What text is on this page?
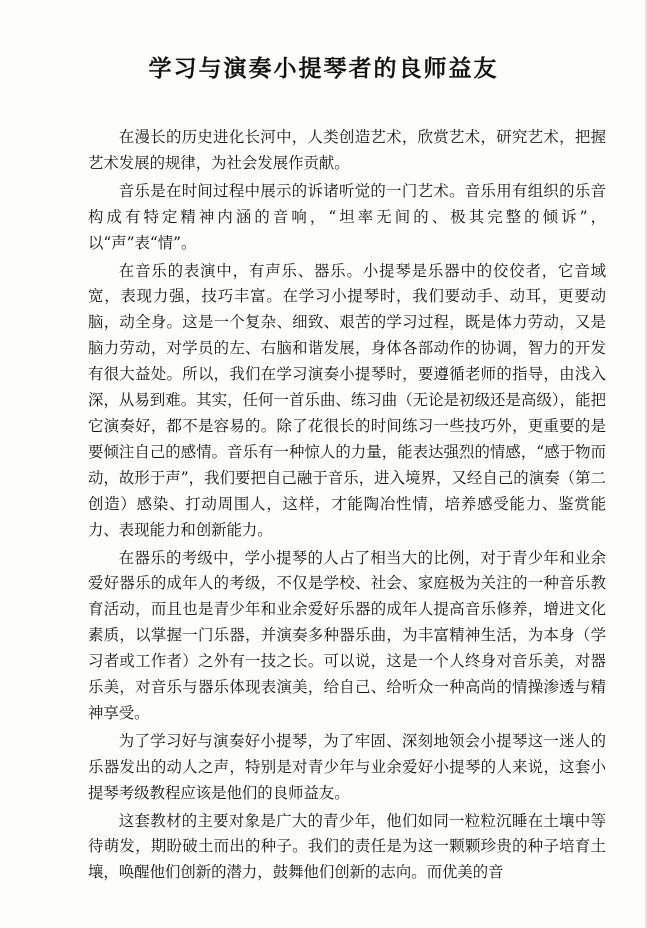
学习与演奏小提琴者的良师益友

在漫长的历史进化长河中，人类创造艺术，欣赏艺术，研究艺术，把握艺术发展的规律，为社会发展作贡献。

音乐是在时间过程中展示的诉诸听觉的一门艺术。音乐用有组织的乐音构成有特定精神内涵的音响，“坦率无间的、极其完整的倾诉”，以“声”表“情”。

在音乐的表演中，有声乐、器乐。小提琴是乐器中的佼佼者，它音域宽，表现力强，技巧丰富。在学习小提琴时，我们要动手、动耳，更要动脑，动全身。这是一个复杂、细致、艰苦的学习过程，既是体力劳动，又是脑力劳动，对学员的左、右脑和谐发展，身体各部动作的协调，智力的开发有很大益处。所以，我们在学习演奏小提琴时，要遵循老师的指导，由浅入深，从易到难。其实，任何一首乐曲、练习曲（无论是初级还是高级），能把它演奏好，都不是容易的。除了花很长的时间练习一些技巧外，更重要的是要倾注自己的感情。音乐有一种惊人的力量，能表达强烈的情感，“感于物而动，故形于声”，我们要把自己融于音乐，进入境界，又经自己的演奏（第二创造）感染、打动周围人，这样，才能陶冶性情，培养感受能力、鉴赏能力、表现能力和创新能力。

在器乐的考级中，学小提琴的人占了相当大的比例，对于青少年和业余爱好器乐的成年人的考级，不仅是学校、社会、家庭极为关注的一种音乐教育活动，而且也是青少年和业余爱好乐器的成年人提高音乐修养，增进文化素质，以掌握一门乐器，并演奏多种器乐曲，为丰富精神生活，为本身（学习者或工作者）之外有一技之长。可以说，这是一个人终身对音乐美，对器乐美，对音乐与器乐体现表演美，给自己、给听众一种高尚的情操渗透与精神享受。

为了学习好与演奏好小提琴，为了牢固、深刻地领会小提琴这一迷人的乐器发出的动人之声，特别是对青少年与业余爱好小提琴的人来说，这套小提琴考级教程应该是他们的良师益友。

这套教材的主要对象是广大的青少年，他们如同一粒粒沉睡在土壤中等待萌发，期盼破土而出的种子。我们的责任是为这一颗颗珍贵的种子培育土壤，唤醒他们创新的潜力，鼓舞他们创新的志向。而优美的音
